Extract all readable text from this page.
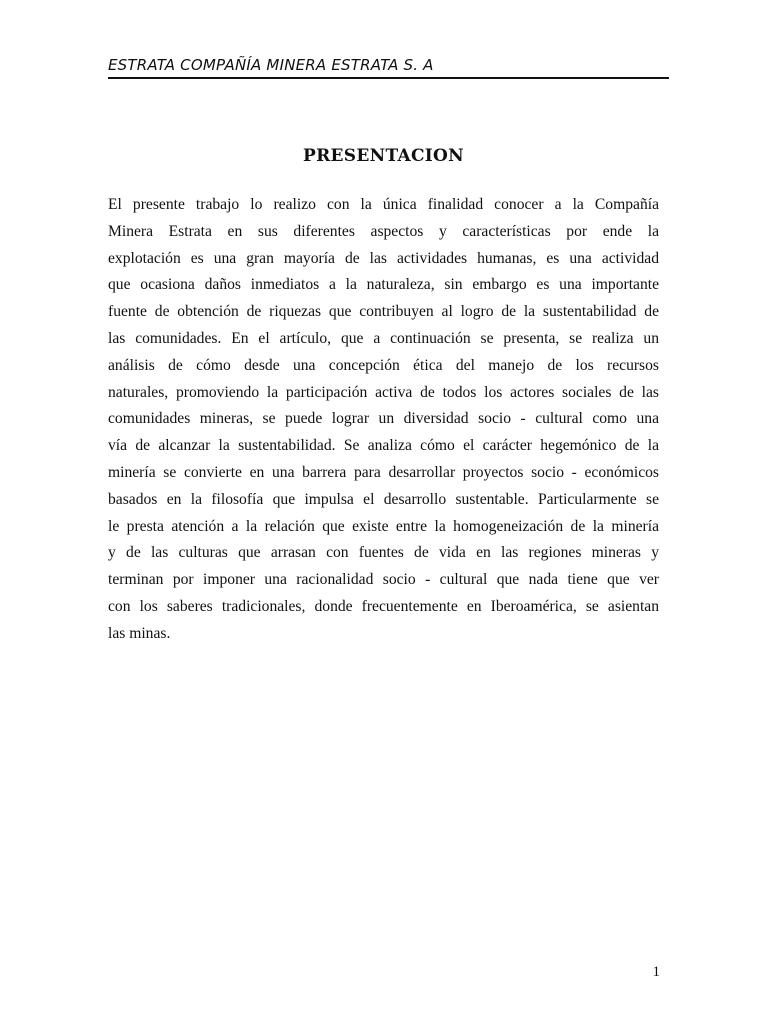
ESTRATA COMPAÑÍA MINERA ESTRATA S. A
PRESENTACION
El presente trabajo lo realizo con la única finalidad conocer a la Compañía
Minera Estrata en sus diferentes aspectos y características por ende la
explotación es una gran mayoría de las actividades humanas, es una actividad
que ocasiona daños inmediatos a la naturaleza, sin embargo es una importante
fuente de obtención de riquezas que contribuyen al logro de la sustentabilidad de
las comunidades. En el artículo, que a continuación se presenta, se realiza un
análisis de cómo desde una concepción ética del manejo de los recursos
naturales, promoviendo la participación activa de todos los actores sociales de las
comunidades mineras, se puede lograr un diversidad socio - cultural como una
vía de alcanzar la sustentabilidad. Se analiza cómo el carácter hegemónico de la
minería se convierte en una barrera para desarrollar proyectos socio - económicos
basados en la filosofía que impulsa el desarrollo sustentable. Particularmente se
le presta atención a la relación que existe entre la homogeneización de la minería
y de las culturas que arrasan con fuentes de vida en las regiones mineras y
terminan por imponer una racionalidad socio - cultural que nada tiene que ver
con los saberes tradicionales, donde frecuentemente en Iberoamérica, se asientan
las minas.
1
